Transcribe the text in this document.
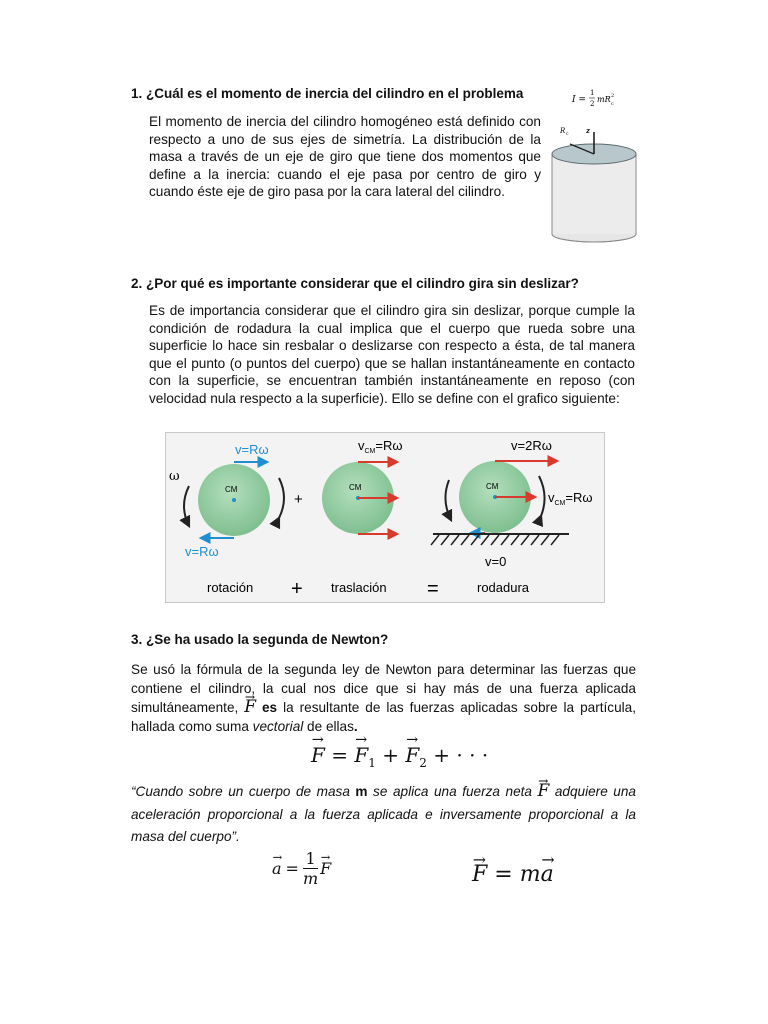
1. ¿Cuál es el momento de inercia del cilindro en el problema
El momento de inercia del cilindro homogéneo está definido con respecto a uno de sus ejes de simetría. La distribución de la masa a través de un eje de giro que tiene dos momentos que define a la inercia: cuando el eje pasa por centro de giro y cuando éste eje de giro pasa por la cara lateral del cilindro.
I =
1
2 mR 2
c
R c z
2. ¿Por qué es importante considerar que el cilindro gira sin deslizar?
Es de importancia considerar que el cilindro gira sin deslizar, porque cumple la condición de rodadura la cual implica que el cuerpo que rueda sobre una superficie lo hace sin resbalar o deslizarse con respecto a ésta, de tal manera que el punto (o puntos del cuerpo) que se hallan instantáneamente en contacto con la superficie, se encuentran también instantáneamente en reposo (con velocidad nula respecto a la superficie). Ello se define con el grafico siguiente:
CM
v=Rω
v=Rω
ω
+
CM
$v_{CM}=R\omega$
CM
v=2Rω
$v_{CM}=R\omega$
v=0
rotación + traslación =	rodadura
3. ¿Se ha usado la segunda de Newton?
Se usó la fórmula de la segunda ley de Newton para determinar las fuerzas que contiene el cilindro, la cual nos dice que si hay más de una fuerza aplicada simultáneamente, → F es la resultante de las fuerzas aplicadas sobre la partícula, hallada como suma vectorial de ellas.
→ F = → $F_1$ + → $F_2$ + · · ·
“Cuando sobre un cuerpo de masa m se aplica una fuerza neta → F adquiere una aceleración proporcional a la fuerza aplicada e inversamente proporcional a la masa del cuerpo”.
→ $a = \frac{1}{m}$
→ F
→	F = m→ a
